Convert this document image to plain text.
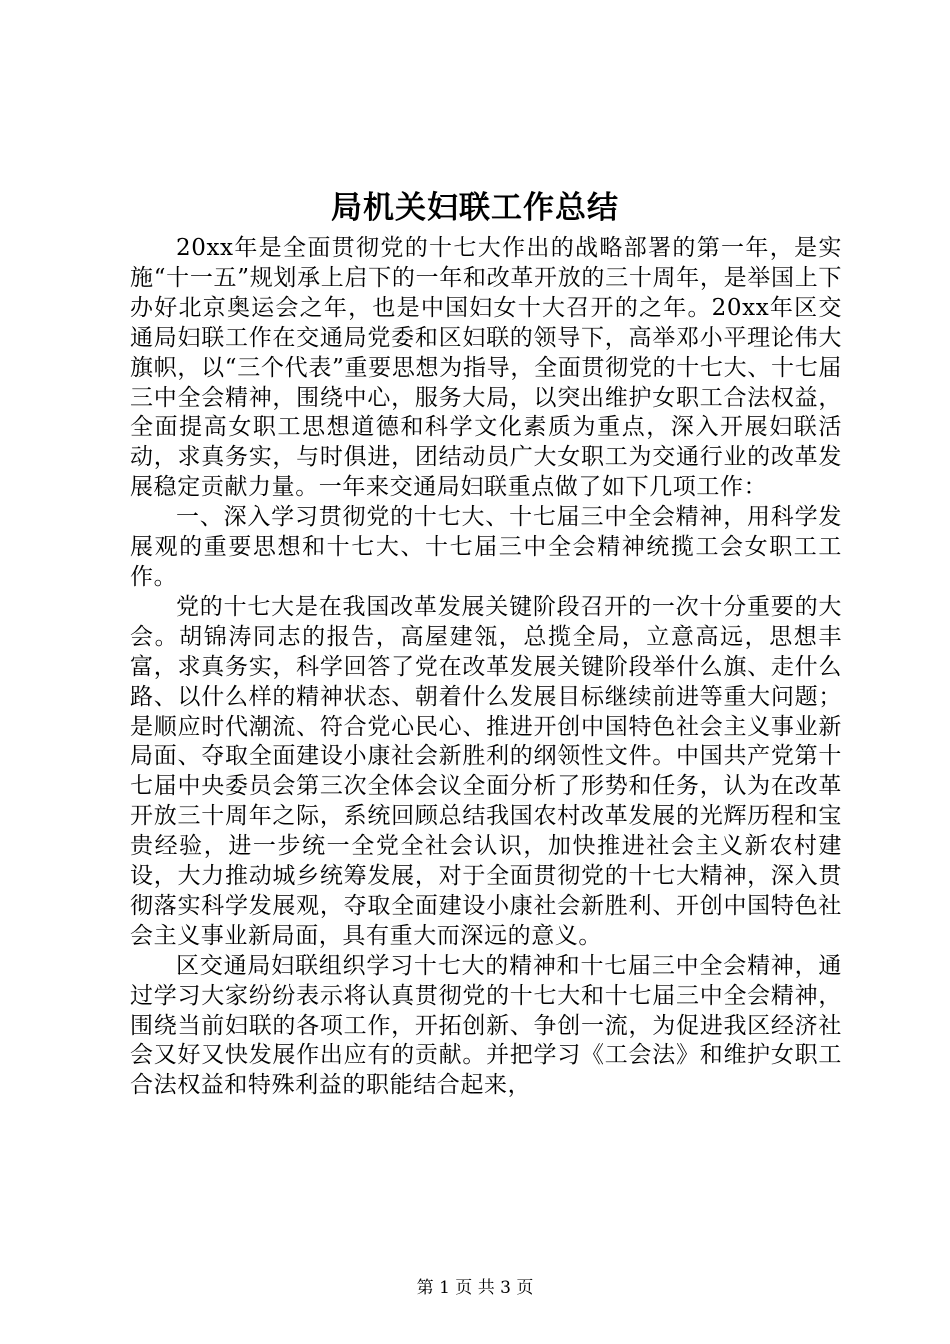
局机关妇联工作总结

20xx年是全面贯彻党的十七大作出的战略部署的第一年，是实施“十一五”规划承上启下的一年和改革开放的三十周年，是举国上下办好北京奥运会之年，也是中国妇女十大召开的之年。20xx年区交通局妇联工作在交通局党委和区妇联的领导下，高举邓小平理论伟大旗帜，以“三个代表”重要思想为指导，全面贯彻党的十七大、十七届三中全会精神，围绕中心，服务大局，以突出维护女职工合法权益，全面提高女职工思想道德和科学文化素质为重点，深入开展妇联活动，求真务实，与时俱进，团结动员广大女职工为交通行业的改革发展稳定贡献力量。一年来交通局妇联重点做了如下几项工作：

一、深入学习贯彻党的十七大、十七届三中全会精神，用科学发展观的重要思想和十七大、十七届三中全会精神统揽工会女职工工作。

党的十七大是在我国改革发展关键阶段召开的一次十分重要的大会。胡锦涛同志的报告，高屋建瓴，总揽全局，立意高远，思想丰富，求真务实，科学回答了党在改革发展关键阶段举什么旗、走什么路、以什么样的精神状态、朝着什么发展目标继续前进等重大问题；是顺应时代潮流、符合党心民心、推进开创中国特色社会主义事业新局面、夺取全面建设小康社会新胜利的纲领性文件。中国共产党第十七届中央委员会第三次全体会议全面分析了形势和任务，认为在改革开放三十周年之际，系统回顾总结我国农村改革发展的光辉历程和宝贵经验，进一步统一全党全社会认识，加快推进社会主义新农村建设，大力推动城乡统筹发展，对于全面贯彻党的十七大精神，深入贯彻落实科学发展观，夺取全面建设小康社会新胜利、开创中国特色社会主义事业新局面，具有重大而深远的意义。

区交通局妇联组织学习十七大的精神和十七届三中全会精神，通过学习大家纷纷表示将认真贯彻党的十七大和十七届三中全会精神，围绕当前妇联的各项工作，开拓创新、争创一流，为促进我区经济社会又好又快发展作出应有的贡献。并把学习《工会法》和维护女职工合法权益和特殊利益的职能结合起来，

第 1 页 共 3 页
